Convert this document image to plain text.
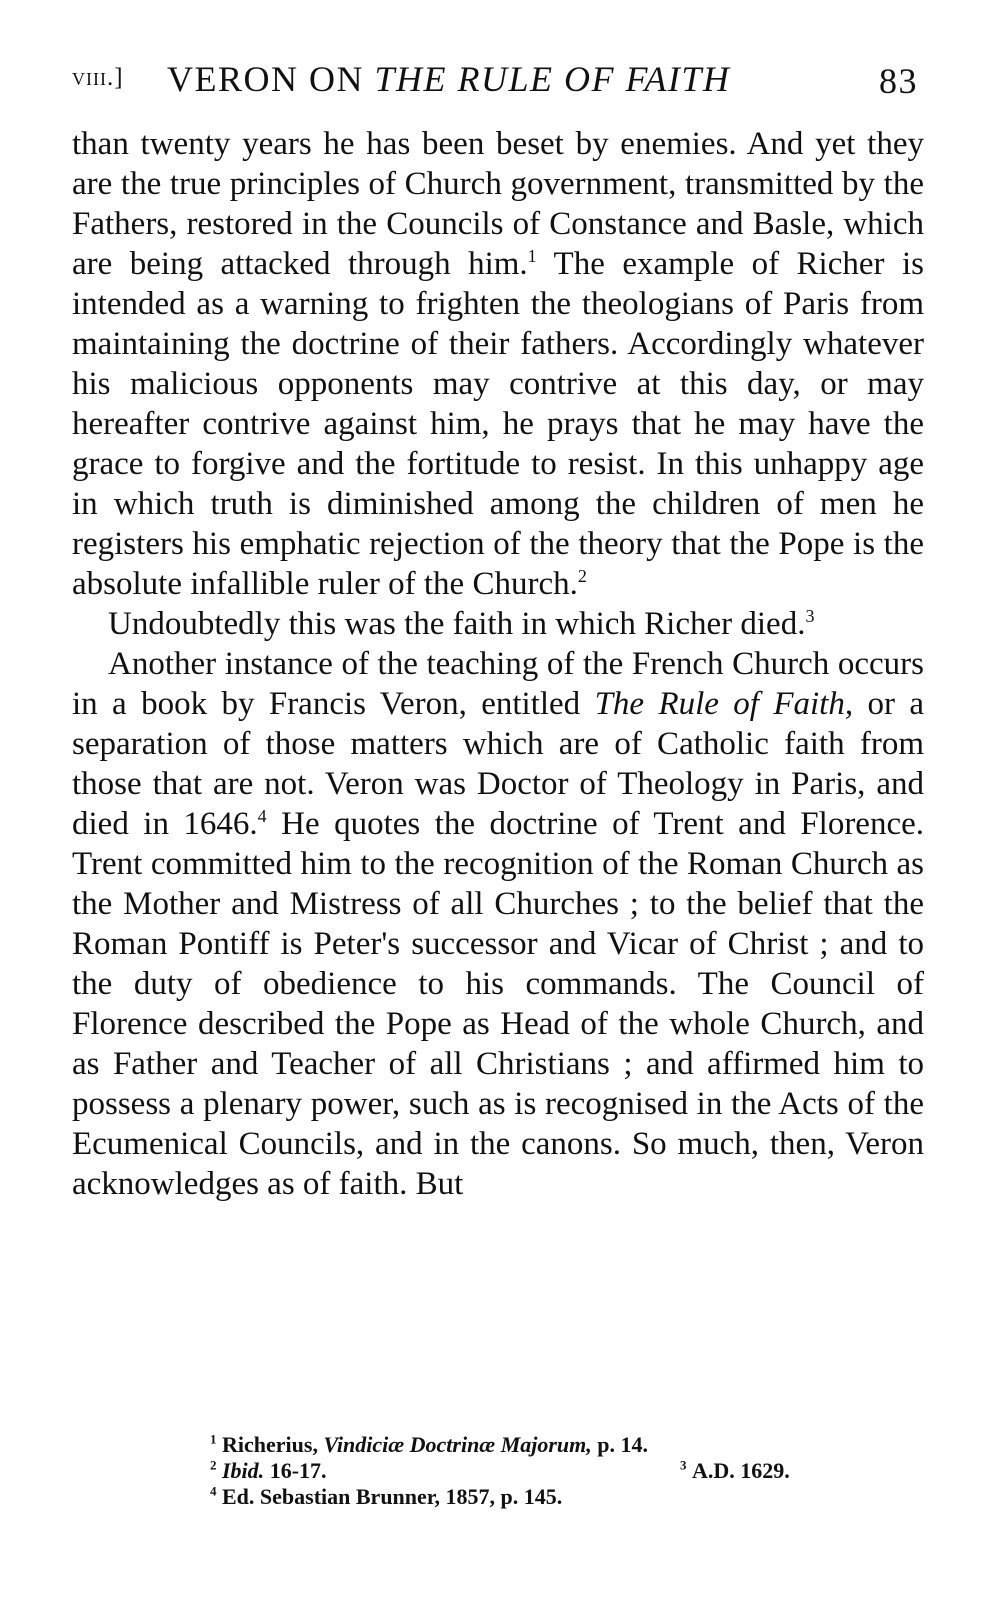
viii.] VERON ON THE RULE OF FAITH	83

than twenty years he has been beset by enemies. And yet they are the true principles of Church government, transmitted by the Fathers, restored in the Councils of Constance and Basle, which are being attacked through him.$^1$ The example of Richer is intended as a warning to frighten the theologians of Paris from maintaining the doctrine of their fathers. Accordingly whatever his malicious opponents may contrive at this day, or may hereafter contrive against him, he prays that he may have the grace to forgive and the fortitude to resist. In this unhappy age in which truth is diminished among the children of men he registers his emphatic rejection of the theory that the Pope is the absolute infallible ruler of the Church.$^2$

Undoubtedly this was the faith in which Richer died.$^3$

Another instance of the teaching of the French Church occurs in a book by Francis Veron, entitled The Rule of Faith, or a separation of those matters which are of Catholic faith from those that are not. Veron was Doctor of Theology in Paris, and died in 1646.$^4$ He quotes the doctrine of Trent and Florence. Trent committed him to the recognition of the Roman Church as the Mother and Mistress of all Churches ; to the belief that the Roman Pontiff is Peter's successor and Vicar of Christ ; and to the duty of obedience to his commands. The Council of Florence described the Pope as Head of the whole Church, and as Father and Teacher of all Christians ; and affirmed him to possess a plenary power, such as is recognised in the Acts of the Ecumenical Councils, and in the canons. So much, then, Veron acknowledges as of faith. But

$^1$ Richerius, Vindiciæ Doctrinæ Majorum, p. 14.
$^2$ Ibid. 16-17.	$^3$ A.D. 1629.
$^4$ Ed. Sebastian Brunner, 1857, p. 145.
